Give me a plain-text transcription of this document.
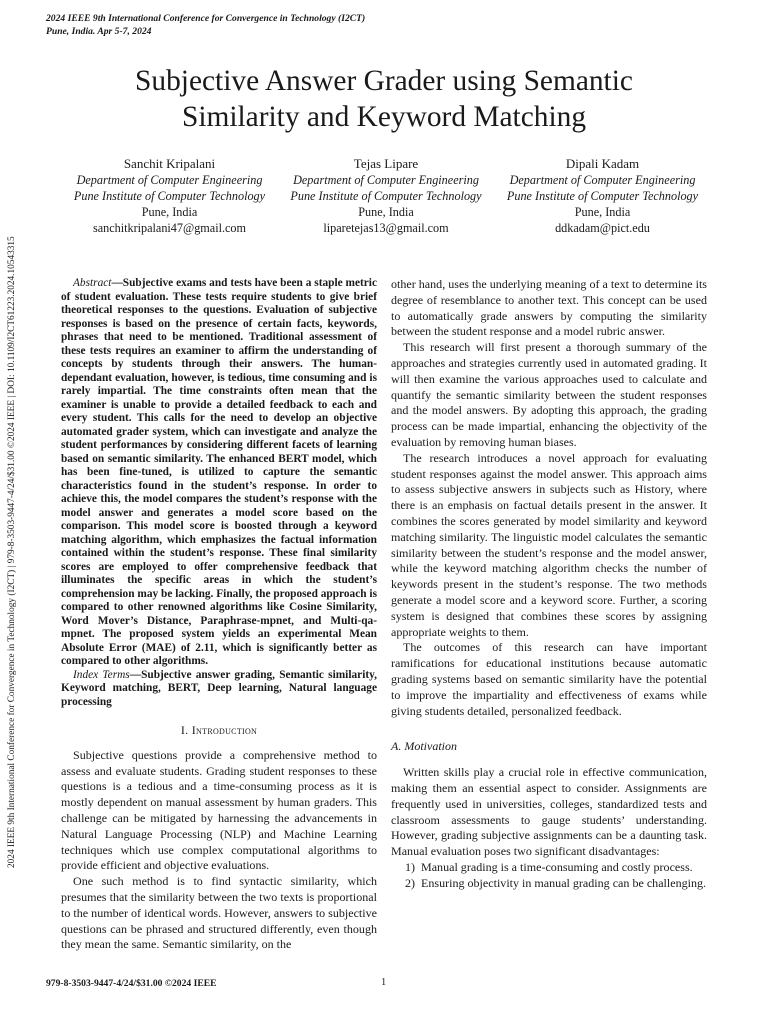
2024 IEEE 9th International Conference for Convergence in Technology (I2CT)
Pune, India. Apr 5-7, 2024
2024 IEEE 9th International Conference for Convergence in Technology (I2CT) | 979-8-3503-9447-4/24/$31.00 ©2024 IEEE | DOI: 10.1109/I2CT61223.2024.10543315
Subjective Answer Grader using Semantic
Similarity and Keyword Matching
Sanchit Kripalani
Department of Computer Engineering
Pune Institute of Computer Technology
Pune, India
sanchitkripalani47@gmail.com
Tejas Lipare
Department of Computer Engineering
Pune Institute of Computer Technology
Pune, India
liparetejas13@gmail.com
Dipali Kadam
Department of Computer Engineering
Pune Institute of Computer Technology
Pune, India
ddkadam@pict.edu

Abstract—Subjective exams and tests have been a staple metric of student evaluation. These tests require students to give brief theoretical responses to the questions. Evaluation of subjective responses is based on the presence of certain facts, keywords, phrases that need to be mentioned. Traditional assessment of these tests requires an examiner to affirm the understanding of concepts by students through their answers. The human-dependant evaluation, however, is tedious, time consuming and is rarely impartial. The time constraints often mean that the examiner is unable to provide a detailed feedback to each and every student. This calls for the need to develop an objective automated grader system, which can investigate and analyze the student performances by considering different facets of learning based on semantic similarity. The enhanced BERT model, which has been fine-tuned, is utilized to capture the semantic characteristics found in the student’s response. In order to achieve this, the model compares the student’s response with the model answer and generates a model score based on the comparison. This model score is boosted through a keyword matching algorithm, which emphasizes the factual information contained within the student’s response. These final similarity scores are employed to offer comprehensive feedback that illuminates the specific areas in which the student’s comprehension may be lacking. Finally, the proposed approach is compared to other renowned algorithms like Cosine Similarity, Word Mover’s Distance, Paraphrase-mpnet, and Multi-qa-mpnet. The proposed system yields an experimental Mean Absolute Error (MAE) of 2.11, which is significantly better as compared to other algorithms.

Index Terms—Subjective answer grading, Semantic similarity, Keyword matching, BERT, Deep learning, Natural language processing

I. Introduction

Subjective questions provide a comprehensive method to assess and evaluate students. Grading student responses to these questions is a tedious and a time-consuming process as it is mostly dependent on manual assessment by human graders. This challenge can be mitigated by harnessing the advancements in Natural Language Processing (NLP) and Machine Learning techniques which use complex computational algorithms to provide efficient and objective evaluations.

One such method is to find syntactic similarity, which presumes that the similarity between the two texts is proportional to the number of identical words. However, answers to subjective questions can be phrased and structured differently, even though they mean the same. Semantic similarity, on the

other hand, uses the underlying meaning of a text to determine its degree of resemblance to another text. This concept can be used to automatically grade answers by computing the similarity between the student response and a model rubric answer.

This research will first present a thorough summary of the approaches and strategies currently used in automated grading. It will then examine the various approaches used to calculate and quantify the semantic similarity between the student responses and the model answers. By adopting this approach, the grading process can be made impartial, enhancing the objectivity of the evaluation by removing human biases.

The research introduces a novel approach for evaluating student responses against the model answer. This approach aims to assess subjective answers in subjects such as History, where there is an emphasis on factual details present in the answer. It combines the scores generated by model similarity and keyword matching similarity. The linguistic model calculates the semantic similarity between the student’s response and the model answer, while the keyword matching algorithm checks the number of keywords present in the student’s response. The two methods generate a model score and a keyword score. Further, a scoring system is designed that combines these scores by assigning appropriate weights to them.

The outcomes of this research can have important ramifications for educational institutions because automatic grading systems based on semantic similarity have the potential to improve the impartiality and effectiveness of exams while giving students detailed, personalized feedback.

A. Motivation

Written skills play a crucial role in effective communication, making them an essential aspect to consider. Assignments are frequently used in universities, colleges, standardized tests and classroom assessments to gauge students’ understanding. However, grading subjective assignments can be a daunting task. Manual evaluation poses two significant disadvantages:

1) Manual grading is a time-consuming and costly process.
2) Ensuring objectivity in manual grading can be challenging.
979-8-3503-9447-4/24/$31.00 ©2024 IEEE	1
